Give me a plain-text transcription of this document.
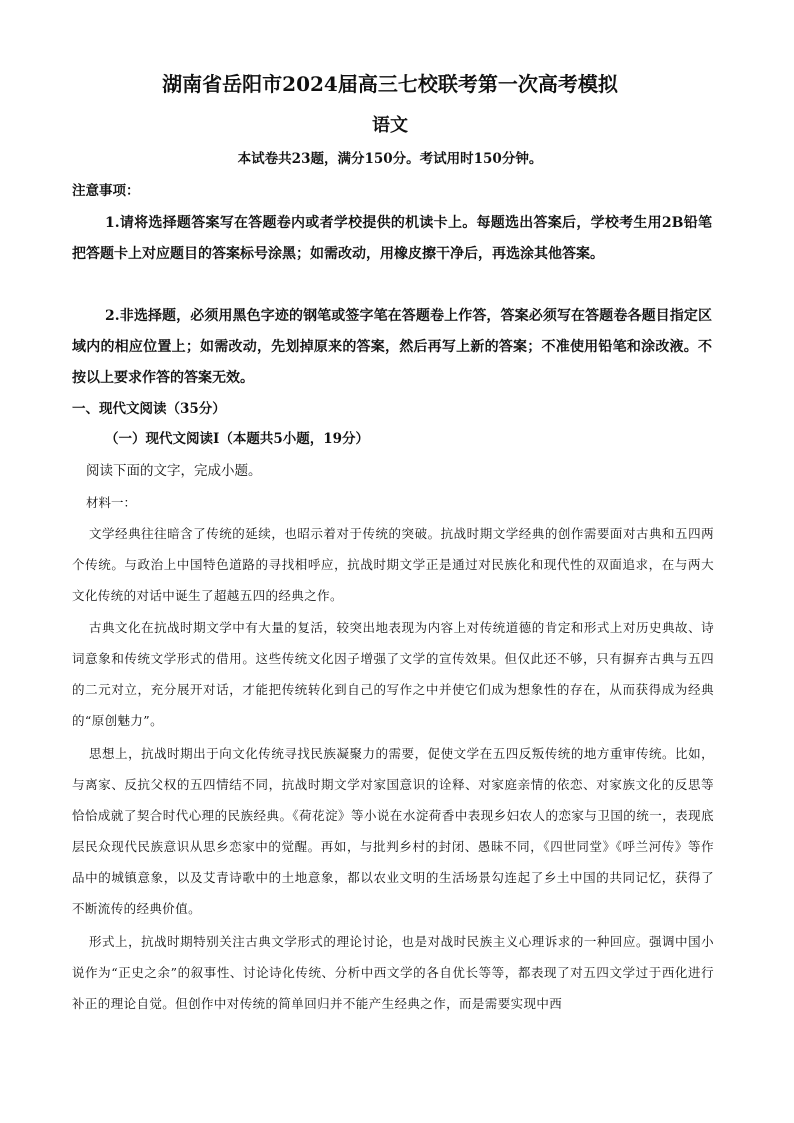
湖南省岳阳市2024届高三七校联考第一次高考模拟
语文
本试卷共23题，满分150分。考试用时150分钟。
注意事项：

1.请将选择题答案写在答题卷内或者学校提供的机读卡上。每题选出答案后，学校考生用2B铅笔把答题卡上对应题目的答案标号涂黑；如需改动，用橡皮擦干净后，再选涂其他答案。

2.非选择题，必须用黑色字迹的钢笔或签字笔在答题卷上作答，答案必须写在答题卷各题目指定区域内的相应位置上；如需改动，先划掉原来的答案，然后再写上新的答案；不准使用铅笔和涂改液。不按以上要求作答的答案无效。

一、现代文阅读（35分）
（一）现代文阅读Ⅰ（本题共5小题，19分）
阅读下面的文字，完成小题。
材料一：

文学经典往往暗含了传统的延续，也昭示着对于传统的突破。抗战时期文学经典的创作需要面对古典和五四两个传统。与政治上中国特色道路的寻找相呼应，抗战时期文学正是通过对民族化和现代性的双面追求，在与两大文化传统的对话中诞生了超越五四的经典之作。

古典文化在抗战时期文学中有大量的复活，较突出地表现为内容上对传统道德的肯定和形式上对历史典故、诗词意象和传统文学形式的借用。这些传统文化因子增强了文学的宣传效果。但仅此还不够，只有摒弃古典与五四的二元对立，充分展开对话，才能把传统转化到自己的写作之中并使它们成为想象性的存在，从而获得成为经典的“原创魅力”。

思想上，抗战时期出于向文化传统寻找民族凝聚力的需要，促使文学在五四反叛传统的地方重审传统。比如，与离家、反抗父权的五四情结不同，抗战时期文学对家国意识的诠释、对家庭亲情的依恋、对家族文化的反思等恰恰成就了契合时代心理的民族经典。《荷花淀》等小说在水淀荷香中表现乡妇农人的恋家与卫国的统一，表现底层民众现代民族意识从思乡恋家中的觉醒。再如，与批判乡村的封闭、愚昧不同，《四世同堂》《呼兰河传》等作品中的城镇意象，以及艾青诗歌中的土地意象，都以农业文明的生活场景勾连起了乡土中国的共同记忆，获得了不断流传的经典价值。

形式上，抗战时期特别关注古典文学形式的理论讨论，也是对战时民族主义心理诉求的一种回应。强调中国小说作为“正史之余”的叙事性、讨论诗化传统、分析中西文学的各自优长等等，都表现了对五四文学过于西化进行补正的理论自觉。但创作中对传统的简单回归并不能产生经典之作，而是需要实现中西
